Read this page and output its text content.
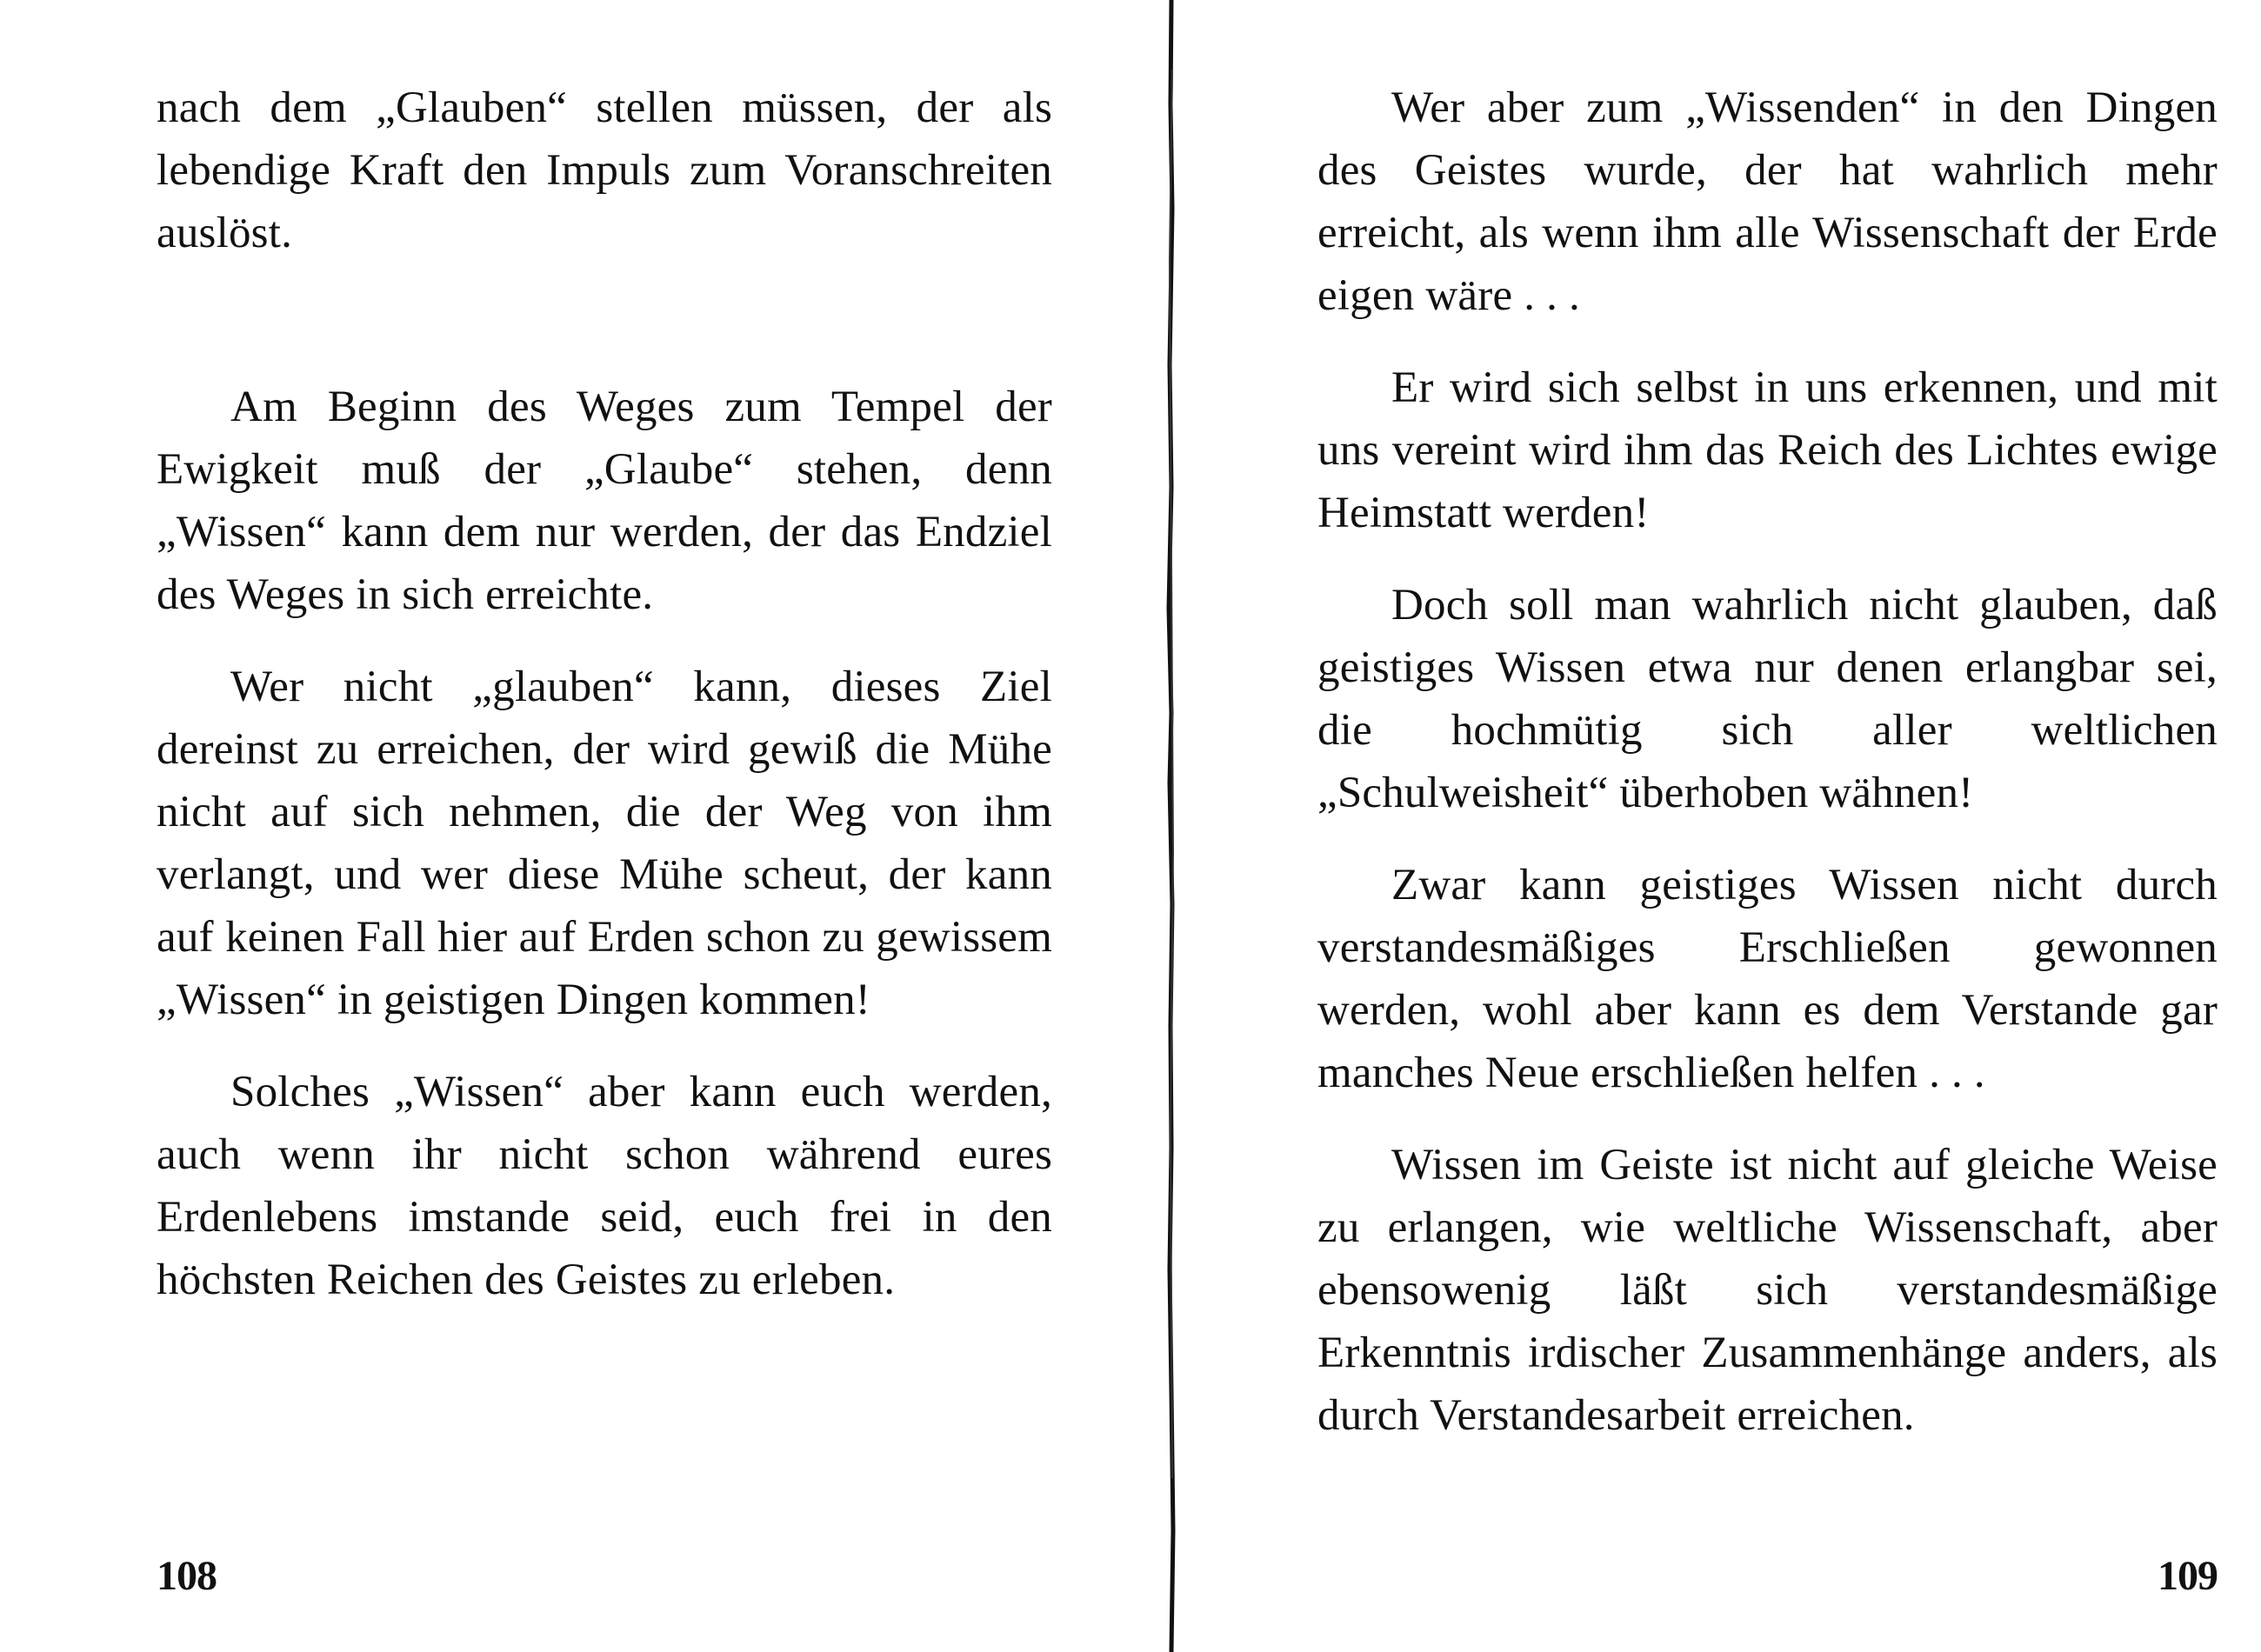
nach dem „Glauben“ stellen müssen, der als lebendige Kraft den Impuls zum Voranschreiten auslöst.

Am Beginn des Weges zum Tempel der Ewigkeit muß der „Glaube“ stehen, denn „Wissen“ kann dem nur werden, der das Endziel des Weges in sich erreichte.

Wer nicht „glauben“ kann, dieses Ziel dereinst zu erreichen, der wird gewiß die Mühe nicht auf sich nehmen, die der Weg von ihm verlangt, und wer diese Mühe scheut, der kann auf keinen Fall hier auf Erden schon zu gewissem „Wissen“ in geistigen Dingen kommen!

Solches „Wissen“ aber kann euch werden, auch wenn ihr nicht schon während eures Erdenlebens imstande seid, euch frei in den höchsten Reichen des Geistes zu erleben.

108

Wer aber zum „Wissenden“ in den Dingen des Geistes wurde, der hat wahrlich mehr erreicht, als wenn ihm alle Wissenschaft der Erde eigen wäre . . .

Er wird sich selbst in uns erkennen, und mit uns vereint wird ihm das Reich des Lichtes ewige Heimstatt werden!

Doch soll man wahrlich nicht glauben, daß geistiges Wissen etwa nur denen erlangbar sei, die hochmütig sich aller weltlichen „Schulweisheit“ überhoben wähnen!

Zwar kann geistiges Wissen nicht durch verstandesmäßiges Erschließen gewonnen werden, wohl aber kann es dem Verstande gar manches Neue erschließen helfen . . .

Wissen im Geiste ist nicht auf gleiche Weise zu erlangen, wie weltliche Wissenschaft, aber ebensowenig läßt sich verstandesmäßige Erkenntnis irdischer Zusammenhänge anders, als durch Verstandesarbeit erreichen.

109
